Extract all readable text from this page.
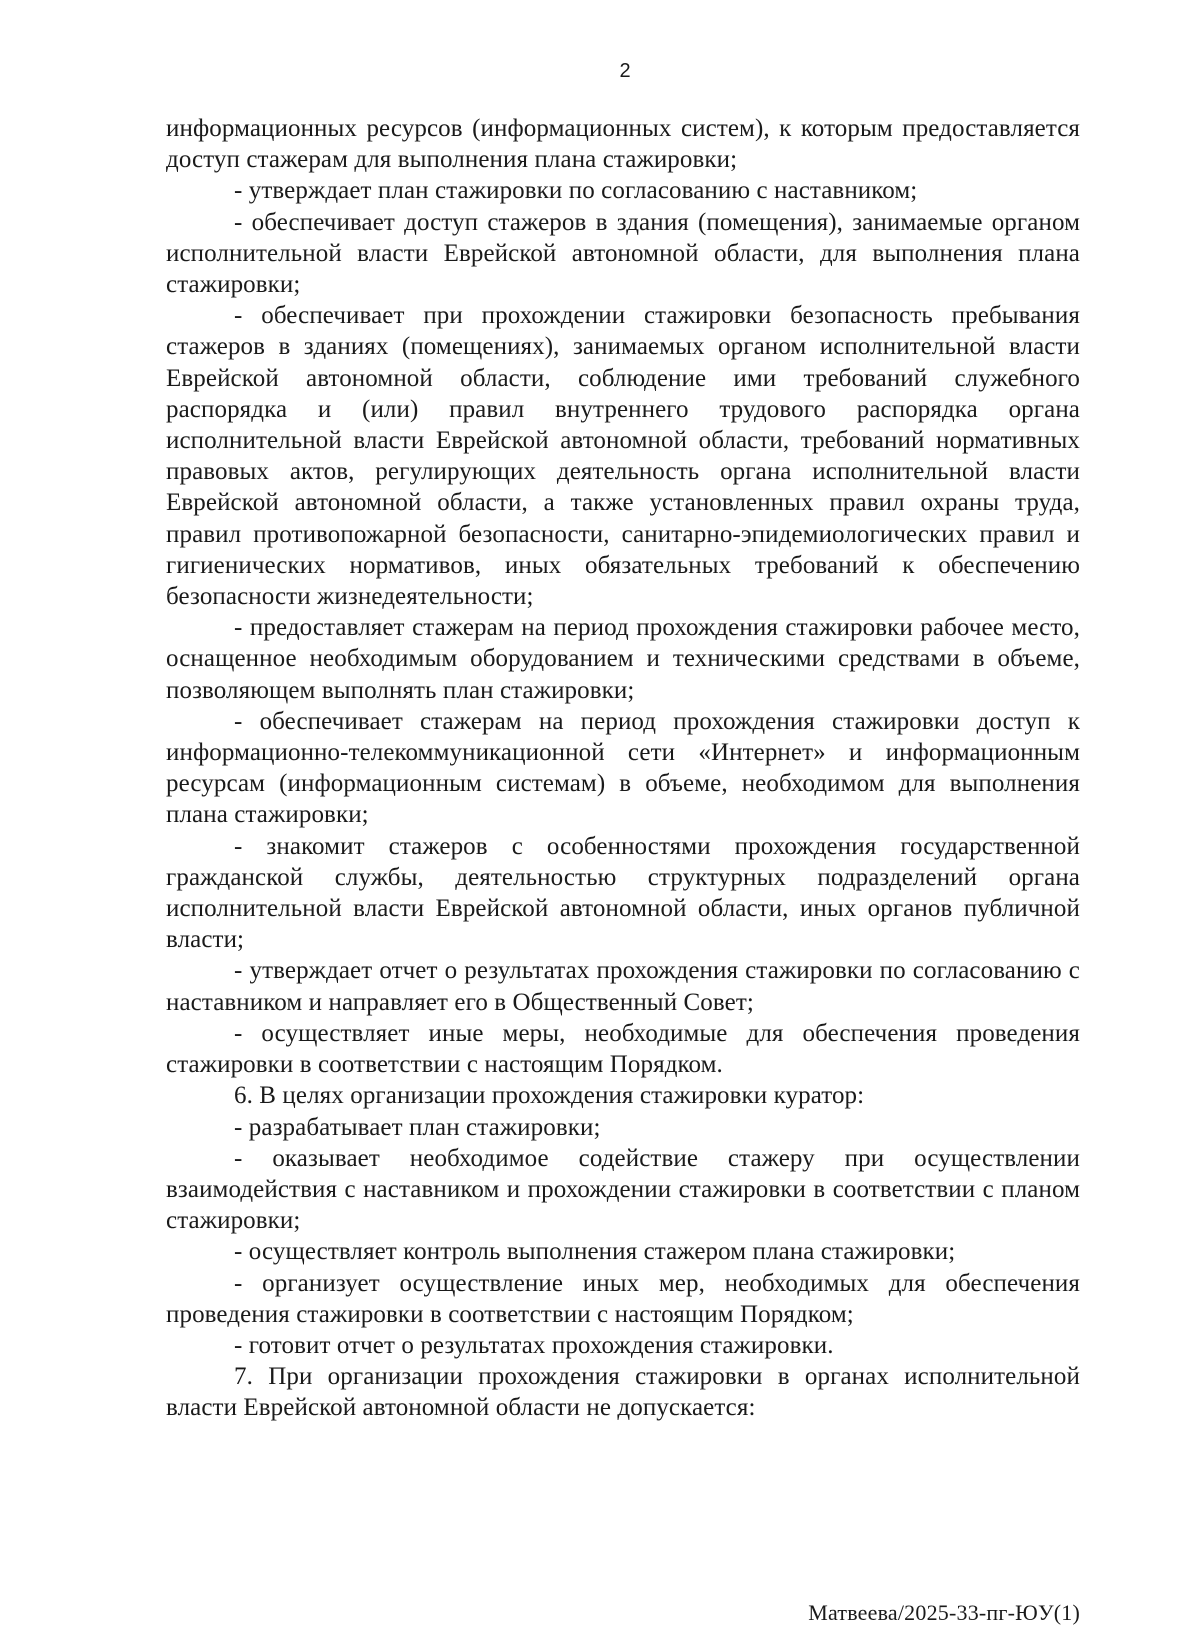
2

информационных ресурсов (информационных систем), к которым предоставляется доступ стажерам для выполнения плана стажировки;

- утверждает план стажировки по согласованию с наставником;

- обеспечивает доступ стажеров в здания (помещения), занимаемые органом исполнительной власти Еврейской автономной области, для выполнения плана стажировки;

- обеспечивает при прохождении стажировки безопасность пребывания стажеров в зданиях (помещениях), занимаемых органом исполнительной власти Еврейской автономной области, соблюдение ими требований служебного распорядка и (или) правил внутреннего трудового распорядка органа исполнительной власти Еврейской автономной области, требований нормативных правовых актов, регулирующих деятельность органа исполнительной власти Еврейской автономной области, а также установленных правил охраны труда, правил противопожарной безопасности, санитарно-эпидемиологических правил и гигиенических нормативов, иных обязательных требований к обеспечению безопасности жизнедеятельности;

- предоставляет стажерам на период прохождения стажировки рабочее место, оснащенное необходимым оборудованием и техническими средствами в объеме, позволяющем выполнять план стажировки;

- обеспечивает стажерам на период прохождения стажировки доступ к информационно-телекоммуникационной сети «Интернет» и информационным ресурсам (информационным системам) в объеме, необходимом для выполнения плана стажировки;

- знакомит стажеров с особенностями прохождения государственной гражданской службы, деятельностью структурных подразделений органа исполнительной власти Еврейской автономной области, иных органов публичной власти;

- утверждает отчет о результатах прохождения стажировки по согласованию с наставником и направляет его в Общественный Совет;

- осуществляет иные меры, необходимые для обеспечения проведения стажировки в соответствии с настоящим Порядком.

6. В целях организации прохождения стажировки куратор:

- разрабатывает план стажировки;

- оказывает необходимое содействие стажеру при осуществлении взаимодействия с наставником и прохождении стажировки в соответствии с планом стажировки;

- осуществляет контроль выполнения стажером плана стажировки;

- организует осуществление иных мер, необходимых для обеспечения проведения стажировки в соответствии с настоящим Порядком;

- готовит отчет о результатах прохождения стажировки.

7. При организации прохождения стажировки в органах исполнительной власти Еврейской автономной области не допускается:

Матвеева/2025-33-пг-ЮУ(1)
